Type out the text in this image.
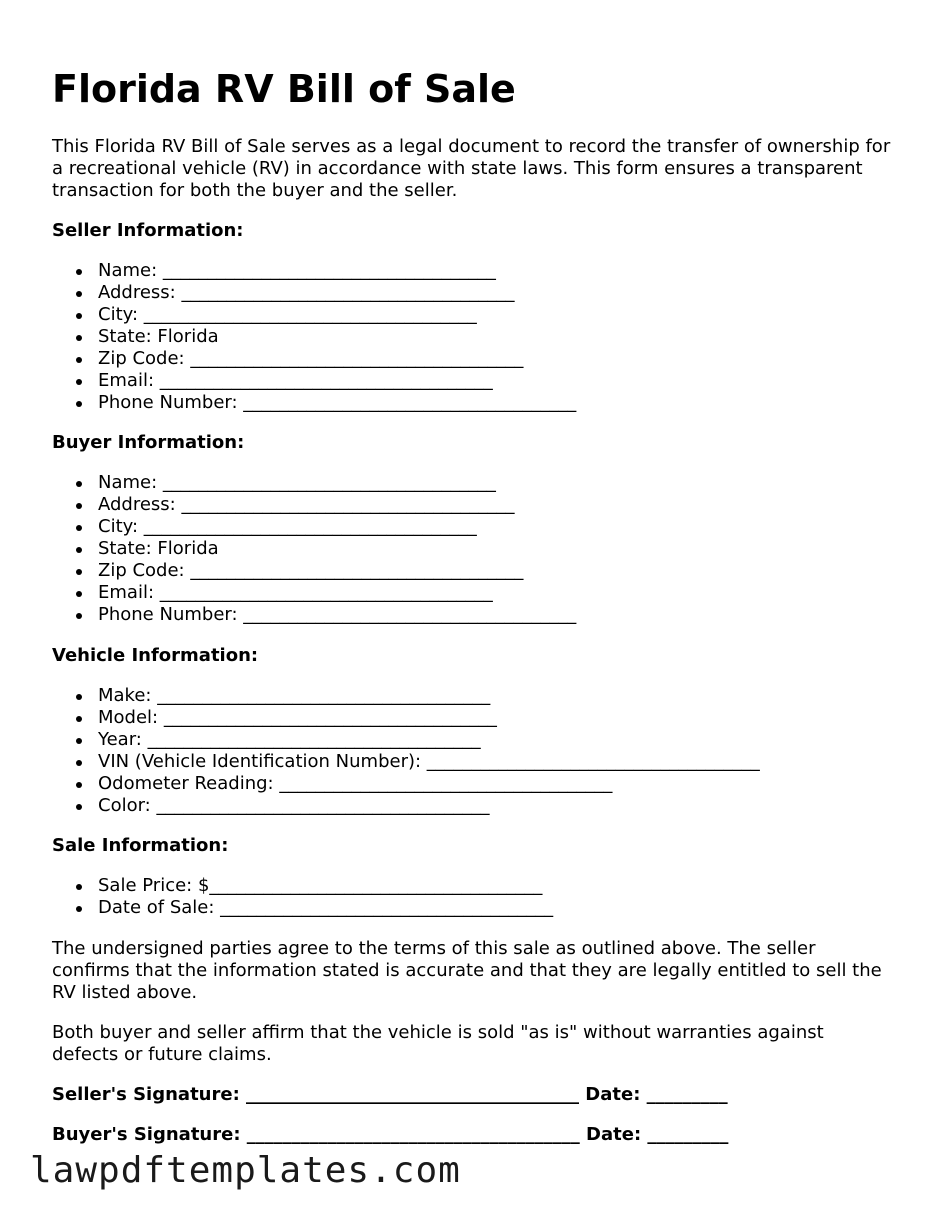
Florida RV Bill of Sale

This Florida RV Bill of Sale serves as a legal document to record the transfer of ownership for a recreational vehicle (RV) in accordance with state laws. This form ensures a transparent transaction for both the buyer and the seller.

Seller Information:

Name: _____________________________________
Address: _____________________________________
City: _____________________________________
State: Florida
Zip Code: _____________________________________
Email: _____________________________________
Phone Number: _____________________________________

Buyer Information:

Name: _____________________________________
Address: _____________________________________
City: _____________________________________
State: Florida
Zip Code: _____________________________________
Email: _____________________________________
Phone Number: _____________________________________

Vehicle Information:

Make: _____________________________________
Model: _____________________________________
Year: _____________________________________
VIN (Vehicle Identification Number): _____________________________________
Odometer Reading: _____________________________________
Color: _____________________________________

Sale Information:

Sale Price: $_____________________________________
Date of Sale: _____________________________________

The undersigned parties agree to the terms of this sale as outlined above. The seller confirms that the information stated is accurate and that they are legally entitled to sell the RV listed above.

Both buyer and seller affirm that the vehicle is sold "as is" without warranties against defects or future claims.

Seller's Signature: _____________________________________ Date: _________

Buyer's Signature: _____________________________________ Date: _________

lawpdftemplates.com
